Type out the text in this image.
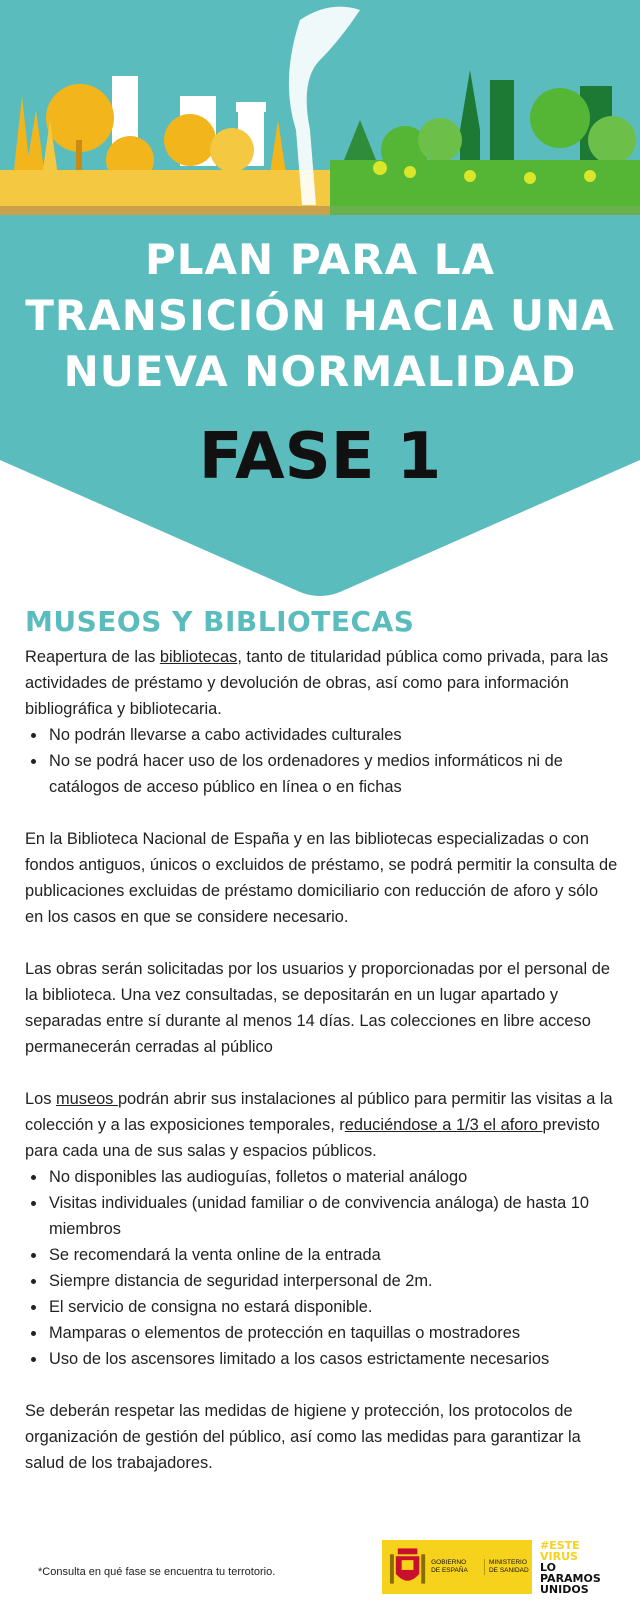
PLAN PARA LA
TRANSICIÓN HACIA UNA
NUEVA NORMALIDAD
FASE 1
MUSEOS Y BIBLIOTECAS

Reapertura de las bibliotecas, tanto de titularidad pública como privada, para las actividades de préstamo y devolución de obras, así como para información bibliográfica y bibliotecaria.

• No podrán llevarse a cabo actividades culturales
• No se podrá hacer uso de los ordenadores y medios informáticos ni de catálogos de acceso público en línea o en fichas

En la Biblioteca Nacional de España y en las bibliotecas especializadas o con fondos antiguos, únicos o excluidos de préstamo, se podrá permitir la consulta de publicaciones excluidas de préstamo domiciliario con reducción de aforo y sólo en los casos en que se considere necesario.

Las obras serán solicitadas por los usuarios y proporcionadas por el personal de la biblioteca. Una vez consultadas, se depositarán en un lugar apartado y separadas entre sí durante al menos 14 días. Las colecciones en libre acceso permanecerán cerradas al público

Los museos podrán abrir sus instalaciones al público para permitir las visitas a la colección y a las exposiciones temporales, reduciéndose a 1/3 el aforo previsto para cada una de sus salas y espacios públicos.

• No disponibles las audioguías, folletos o material análogo
• Visitas individuales (unidad familiar o de convivencia análoga) de hasta 10 miembros
• Se recomendará la venta online de la entrada
• Siempre distancia de seguridad interpersonal de 2m.
• El servicio de consigna no estará disponible.
• Mamparas o elementos de protección en taquillas o mostradores
• Uso de los ascensores limitado a los casos estrictamente necesarios

Se deberán respetar las medidas de higiene y protección, los protocolos de organización de gestión del público, así como las medidas para garantizar la salud de los trabajadores.

*Consulta en qué fase se encuentra tu terrotorio.
GOBIERNO
DE ESPAÑA
MINISTERIO
DE SANIDAD
#ESTE
VIRUS
LO
PARAMOS
UNIDOS
